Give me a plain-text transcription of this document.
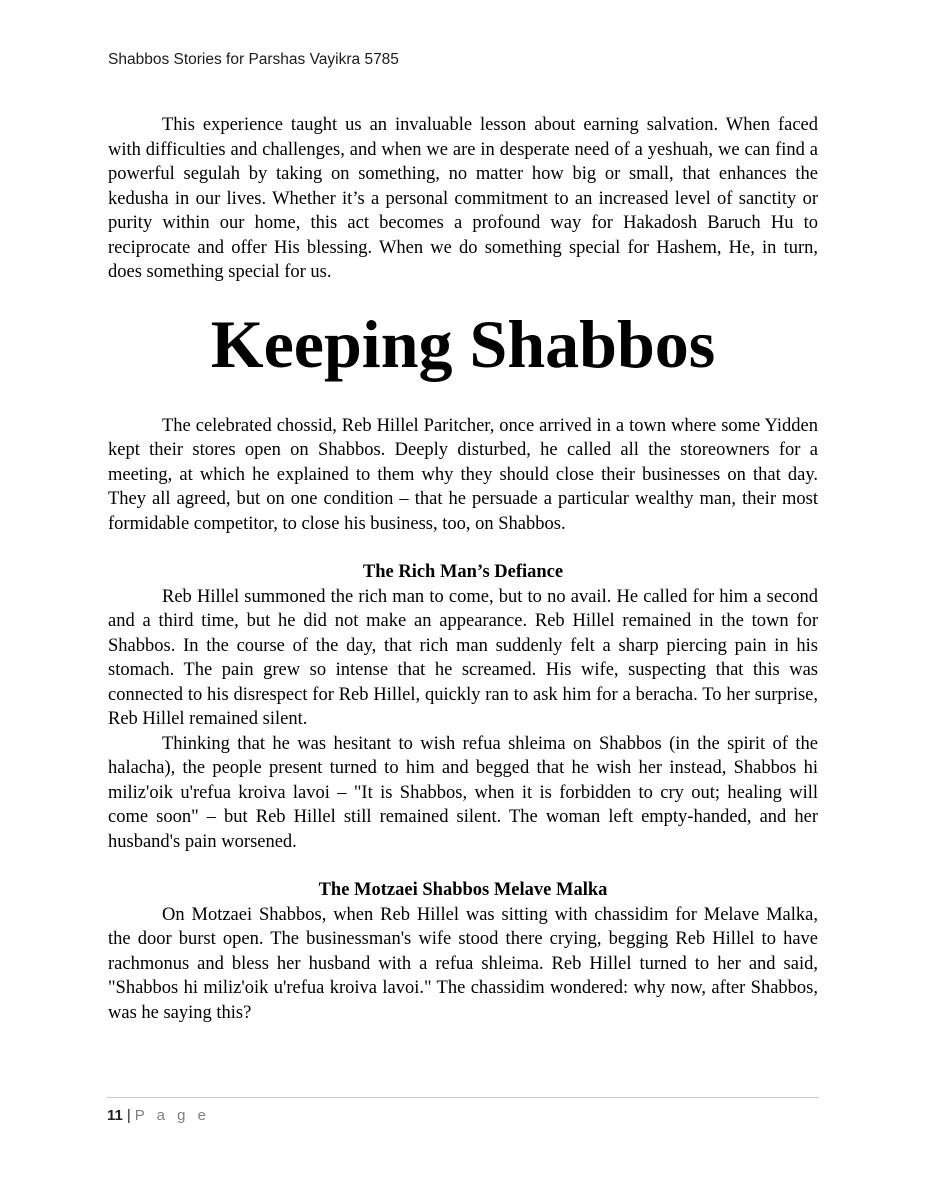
Shabbos Stories for Parshas Vayikra 5785

This experience taught us an invaluable lesson about earning salvation. When faced with difficulties and challenges, and when we are in desperate need of a yeshuah, we can find a powerful segulah by taking on something, no matter how big or small, that enhances the kedusha in our lives. Whether it’s a personal commitment to an increased level of sanctity or purity within our home, this act becomes a profound way for Hakadosh Baruch Hu to reciprocate and offer His blessing. When we do something special for Hashem, He, in turn, does something special for us.

Keeping Shabbos

The celebrated chossid, Reb Hillel Paritcher, once arrived in a town where some Yidden kept their stores open on Shabbos. Deeply disturbed, he called all the storeowners for a meeting, at which he explained to them why they should close their businesses on that day. They all agreed, but on one condition – that he persuade a particular wealthy man, their most formidable competitor, to close his business, too, on Shabbos.

The Rich Man’s Defiance

Reb Hillel summoned the rich man to come, but to no avail. He called for him a second and a third time, but he did not make an appearance. Reb Hillel remained in the town for Shabbos. In the course of the day, that rich man suddenly felt a sharp piercing pain in his stomach. The pain grew so intense that he screamed. His wife, suspecting that this was connected to his disrespect for Reb Hillel, quickly ran to ask him for a beracha. To her surprise, Reb Hillel remained silent.

Thinking that he was hesitant to wish refua shleima on Shabbos (in the spirit of the halacha), the people present turned to him and begged that he wish her instead, Shabbos hi miliz'oik u'refua kroiva lavoi – "It is Shabbos, when it is forbidden to cry out; healing will come soon" – but Reb Hillel still remained silent. The woman left empty-handed, and her husband's pain worsened.

The Motzaei Shabbos Melave Malka

On Motzaei Shabbos, when Reb Hillel was sitting with chassidim for Melave Malka, the door burst open. The businessman's wife stood there crying, begging Reb Hillel to have rachmonus and bless her husband with a refua shleima. Reb Hillel turned to her and said, "Shabbos hi miliz'oik u'refua kroiva lavoi." The chassidim wondered: why now, after Shabbos, was he saying this?

11 | P a g e
